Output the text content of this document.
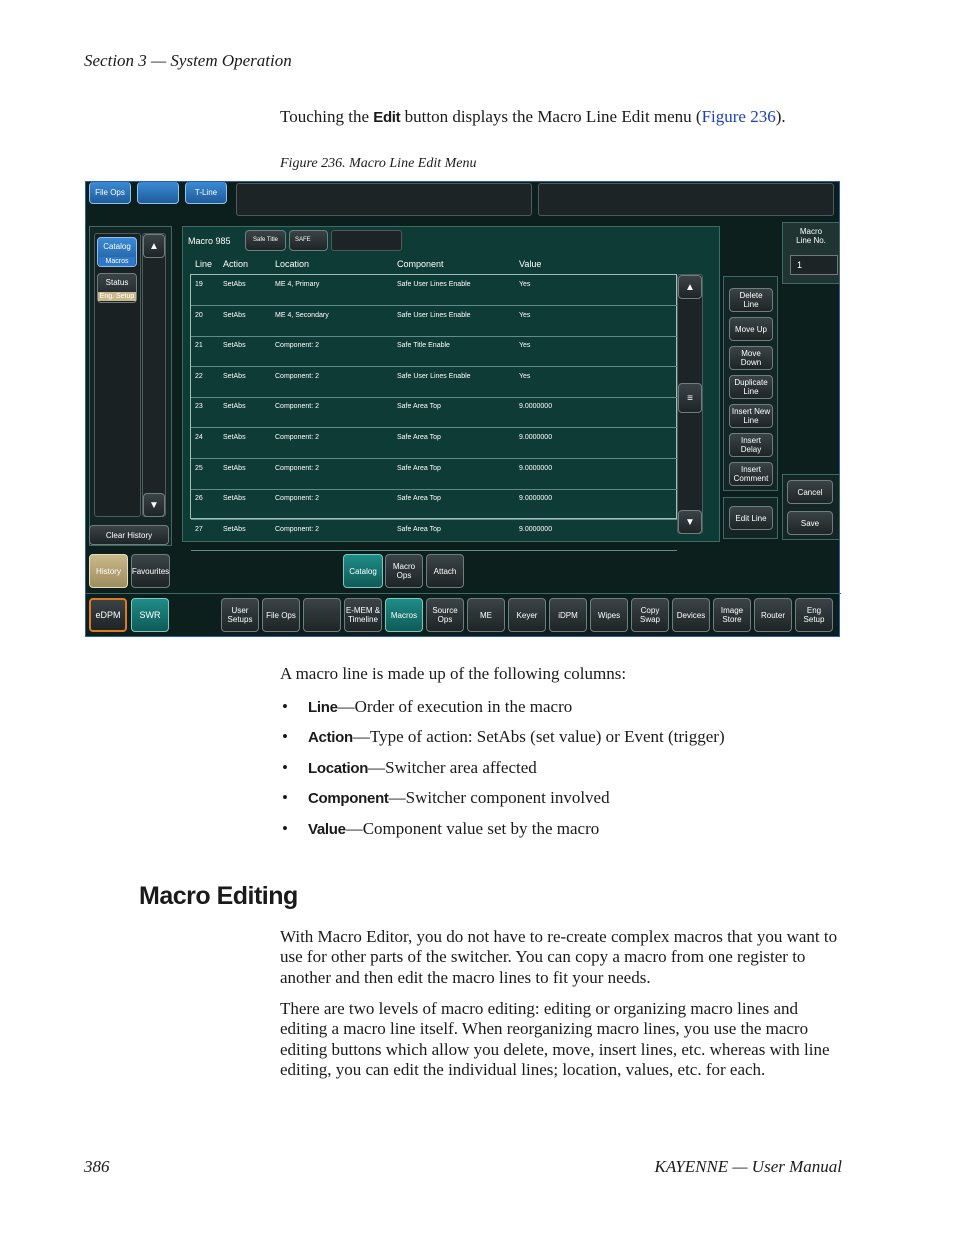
Section 3 — System Operation
Touching the Edit button displays the Macro Line Edit menu (Figure 236).
Figure 236. Macro Line Edit Menu
File Ops	T-Line
Catalog
Macros
Status
Eng. Setup
▲
▼
Clear History
History	Favourites
Macro 985	Safe Title	SAFE
Line Action	Location	Component	Value
19	SetAbs	ME 4, Primary	Safe User Lines Enable	Yes
20	SetAbs	ME 4, Secondary	Safe User Lines Enable	Yes
21	SetAbs	Component: 2	Safe Title Enable	Yes
22	SetAbs	Component: 2	Safe User Lines Enable	Yes
23	SetAbs	Component: 2	Safe Area Top	9.0000000
24	SetAbs	Component: 2	Safe Area Top	9.0000000
25	SetAbs	Component: 2	Safe Area Top	9.0000000
26	SetAbs	Component: 2	Safe Area Top	9.0000000
27	SetAbs	Component: 2	Safe Area Top	9.0000000
▲
≡
▼
Delete
Line
Move Up
Move
Down
Duplicate
Line
Insert New
Line
Insert
Delay
Insert
Comment
Edit Line
Macro
Line No.
1
Cancel
Save
Catalog	Macro
Ops	Attach
eDPM	SWR	User
Setups	File Ops	E-MEM &
Timeline	Macros	Source
Ops	ME	Keyer	iDPM	Wipes	Copy
Swap	Devices	Image
Store	Router	Eng
Setup
A macro line is made up of the following columns:
• Line—Order of execution in the macro
• Action—Type of action: SetAbs (set value) or Event (trigger)
• Location—Switcher area affected
• Component—Switcher component involved
• Value—Component value set by the macro
Macro Editing
With Macro Editor, you do not have to re-create complex macros that you want to use for other parts of the switcher. You can copy a macro from one register to another and then edit the macro lines to fit your needs.
There are two levels of macro editing: editing or organizing macro lines and editing a macro line itself. When reorganizing macro lines, you use the macro editing buttons which allow you delete, move, insert lines, etc. whereas with line editing, you can edit the individual lines; location, values, etc. for each.
386	KAYENNE — User Manual
